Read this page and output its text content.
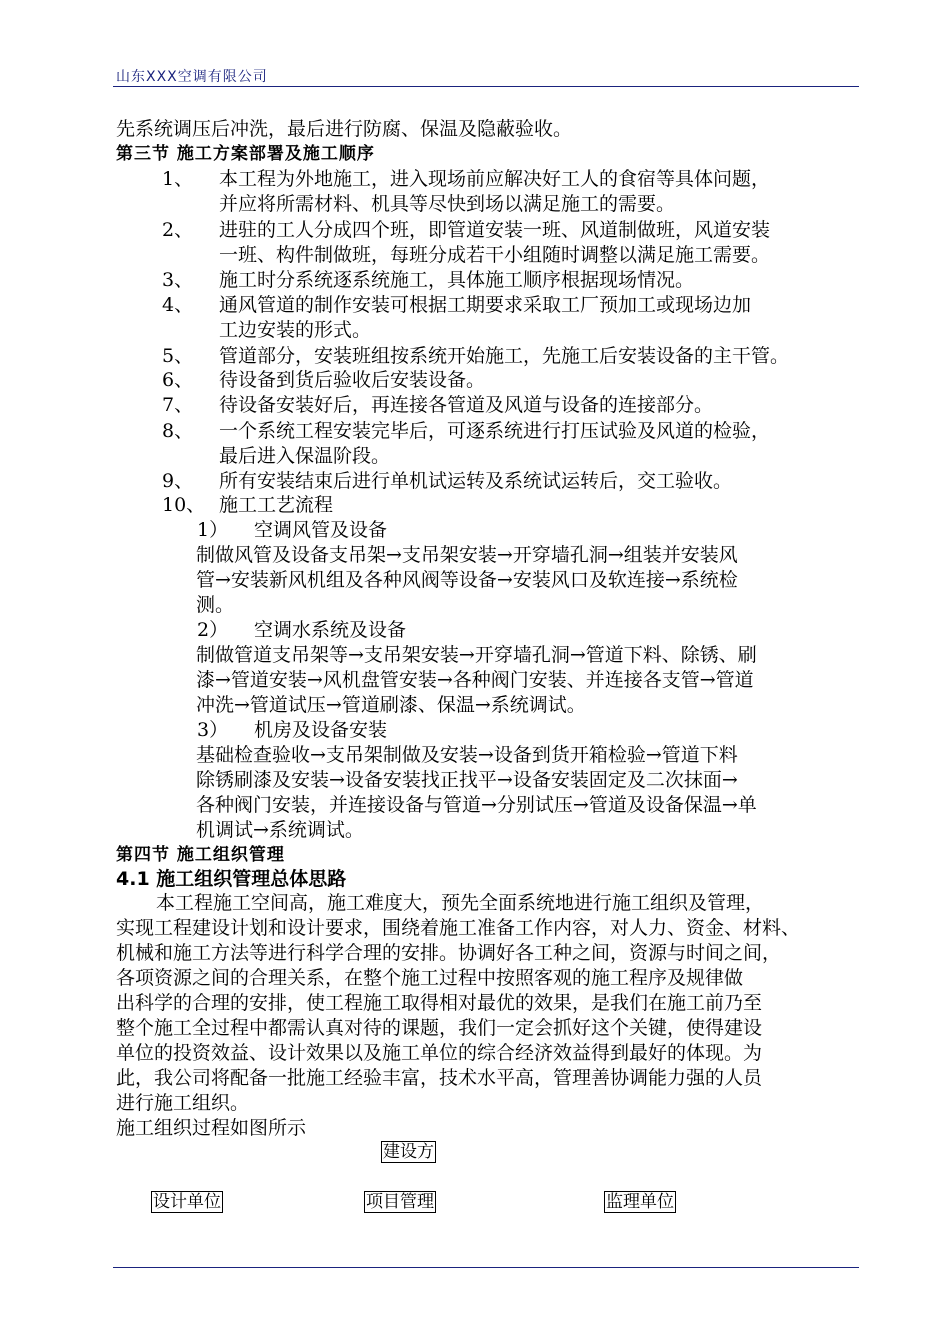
山东XXX空调有限公司
先系统调压后冲洗，最后进行防腐、保温及隐蔽验收。
第三节 施工方案部署及施工顺序
1、 本工程为外地施工，进入现场前应解决好工人的食宿等具体问题，
并应将所需材料、机具等尽快到场以满足施工的需要。
2、 进驻的工人分成四个班，即管道安装一班、风道制做班，风道安装
一班、构件制做班，每班分成若干小组随时调整以满足施工需要。
3、 施工时分系统逐系统施工，具体施工顺序根据现场情况。
4、 通风管道的制作安装可根据工期要求采取工厂预加工或现场边加
工边安装的形式。
5、 管道部分，安装班组按系统开始施工，先施工后安装设备的主干管。
6、 待设备到货后验收后安装设备。
7、 待设备安装好后，再连接各管道及风道与设备的连接部分。
8、 一个系统工程安装完毕后，可逐系统进行打压试验及风道的检验，
最后进入保温阶段。
9、 所有安装结束后进行单机试运转及系统试运转后，交工验收。
10、 施工工艺流程
1） 空调风管及设备
制做风管及设备支吊架→支吊架安装→开穿墙孔洞→组装并安装风
管→安装新风机组及各种风阀等设备→安装风口及软连接→系统检
测。
2） 空调水系统及设备
制做管道支吊架等→支吊架安装→开穿墙孔洞→管道下料、除锈、刷
漆→管道安装→风机盘管安装→各种阀门安装、并连接各支管→管道
冲洗→管道试压→管道刷漆、保温→系统调试。
3） 机房及设备安装
基础检查验收→支吊架制做及安装→设备到货开箱检验→管道下料
除锈刷漆及安装→设备安装找正找平→设备安装固定及二次抹面→
各种阀门安装，并连接设备与管道→分别试压→管道及设备保温→单
机调试→系统调试。
第四节 施工组织管理
4.1 施工组织管理总体思路
本工程施工空间高，施工难度大，预先全面系统地进行施工组织及管理，
实现工程建设计划和设计要求，围绕着施工准备工作内容，对人力、资金、材料、
机械和施工方法等进行科学合理的安排。协调好各工种之间，资源与时间之间，
各项资源之间的合理关系，在整个施工过程中按照客观的施工程序及规律做
出科学的合理的安排，使工程施工取得相对最优的效果，是我们在施工前乃至
整个施工全过程中都需认真对待的课题，我们一定会抓好这个关键，使得建设
单位的投资效益、设计效果以及施工单位的综合经济效益得到最好的体现。为
此，我公司将配备一批施工经验丰富，技术水平高，管理善协调能力强的人员
进行施工组织。
施工组织过程如图所示
建设方
设计单位	项目管理	监理单位
